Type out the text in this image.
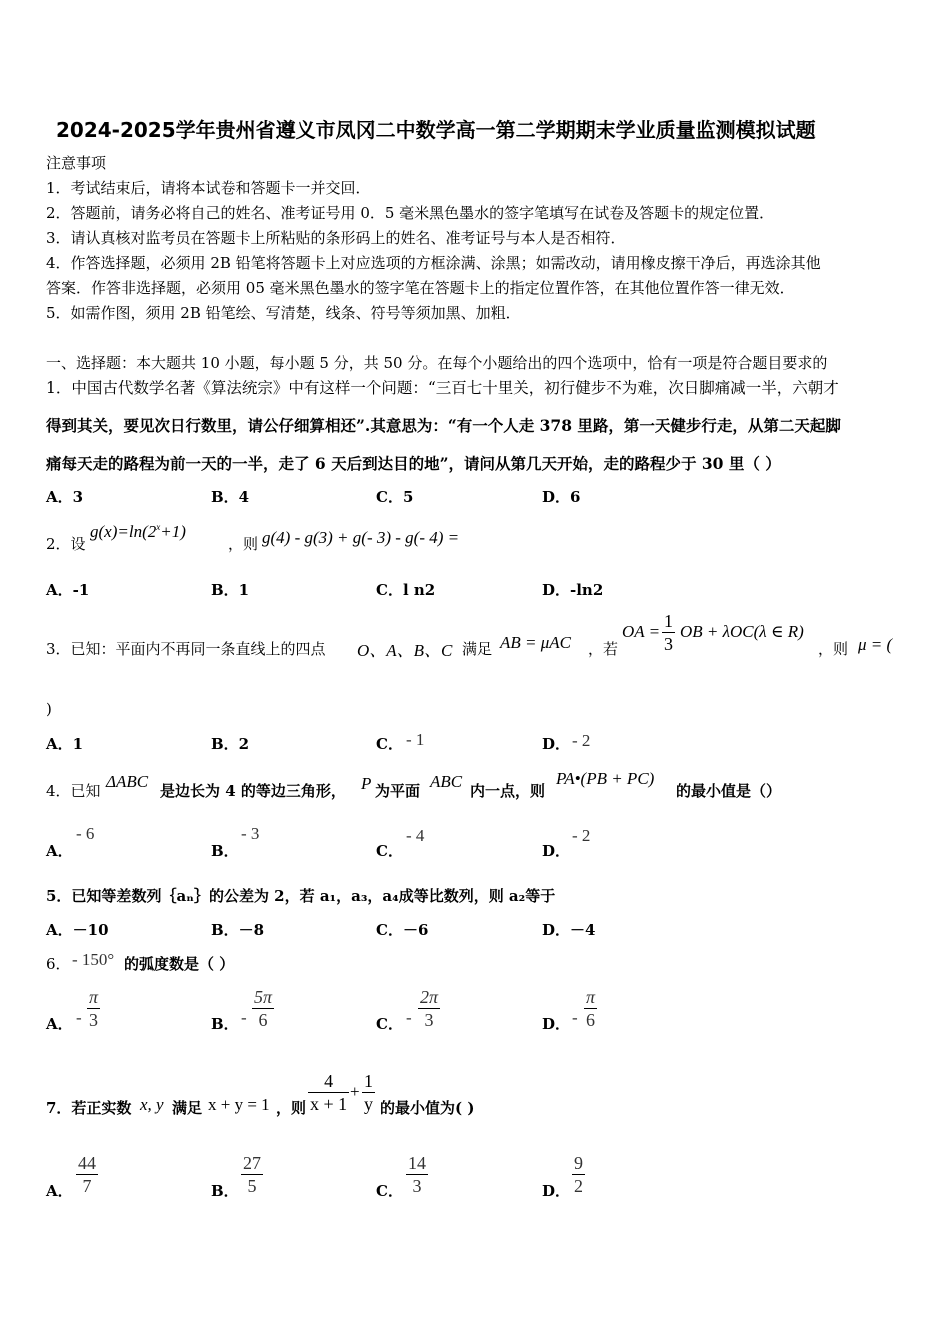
2024-2025学年贵州省遵义市凤冈二中数学高一第二学期期末学业质量监测模拟试题
注意事项
1．考试结束后，请将本试卷和答题卡一并交回．
2．答题前，请务必将自己的姓名、准考证号用 0．5 毫米黑色墨水的签字笔填写在试卷及答题卡的规定位置．
3．请认真核对监考员在答题卡上所粘贴的条形码上的姓名、准考证号与本人是否相符．
4．作答选择题，必须用 2B 铅笔将答题卡上对应选项的方框涂满、涂黑；如需改动，请用橡皮擦干净后，再选涂其他
答案．作答非选择题，必须用 05 毫米黑色墨水的签字笔在答题卡上的指定位置作答，在其他位置作答一律无效．
5．如需作图，须用 2B 铅笔绘、写清楚，线条、符号等须加黑、加粗．
一、选择题：本大题共 10 小题，每小题 5 分，共 50 分。在每个小题给出的四个选项中，恰有一项是符合题目要求的
1．中国古代数学名著《算法统宗》中有这样一个问题：“三百七十里关，初行健步不为难，次日脚痛减一半，六朝才
得到其关，要见次日行数里，请公仔细算相还”.其意思为：“有一个人走 378 里路，第一天健步行走，从第二天起脚
痛每天走的路程为前一天的一半，走了 6 天后到达目的地”，请问从第几天开始，走的路程少于 30 里（ ）
A．3	B．4	C．5	D．6
2．设
$g(x)=\ln(2^x+1)$
，则 g(4) - g(3) + g(- 3) - g(- 4) =
A．-1	B．1	C．l n2	D．-ln2
3．已知：平面内不再同一条直线上的四点 O、A、B、C 满足 AB = μAC ，若
OA = $\frac{1}{3}$ OB + λOC(λ ∈ R)
，则 μ = (
)
A．1	B．2	C． - 1	D． - 2
4．已知 ΔABC 是边长为 4 的等边三角形， P 为平面 ABC 内一点，则
PA•(PB + PC)
的最小值是（）
A．
- 6
B．
- 3
C．
- 4
D．
- 2
5．已知等差数列｛aₙ｝的公差为 2，若 a₁，a₃，a₄成等比数列，则 a₂等于
A．－10	B．－8	C．－6	D．－4
6． - 150° 的弧度数是（ ）
A． - $\frac{\pi}{3}$	B． - $\frac{5\pi}{6}$	C． - $\frac{2\pi}{3}$	D． - $\frac{\pi}{6}$
7．若正实数 x, y 满足 x + y = 1 ，则 $\frac{4}{x + 1} + \frac{1}{y}$ 的最小值为( )
A． $\frac{44}{7}$	B． $\frac{27}{5}$	C． $\frac{14}{3}$	D． $\frac{9}{2}$
